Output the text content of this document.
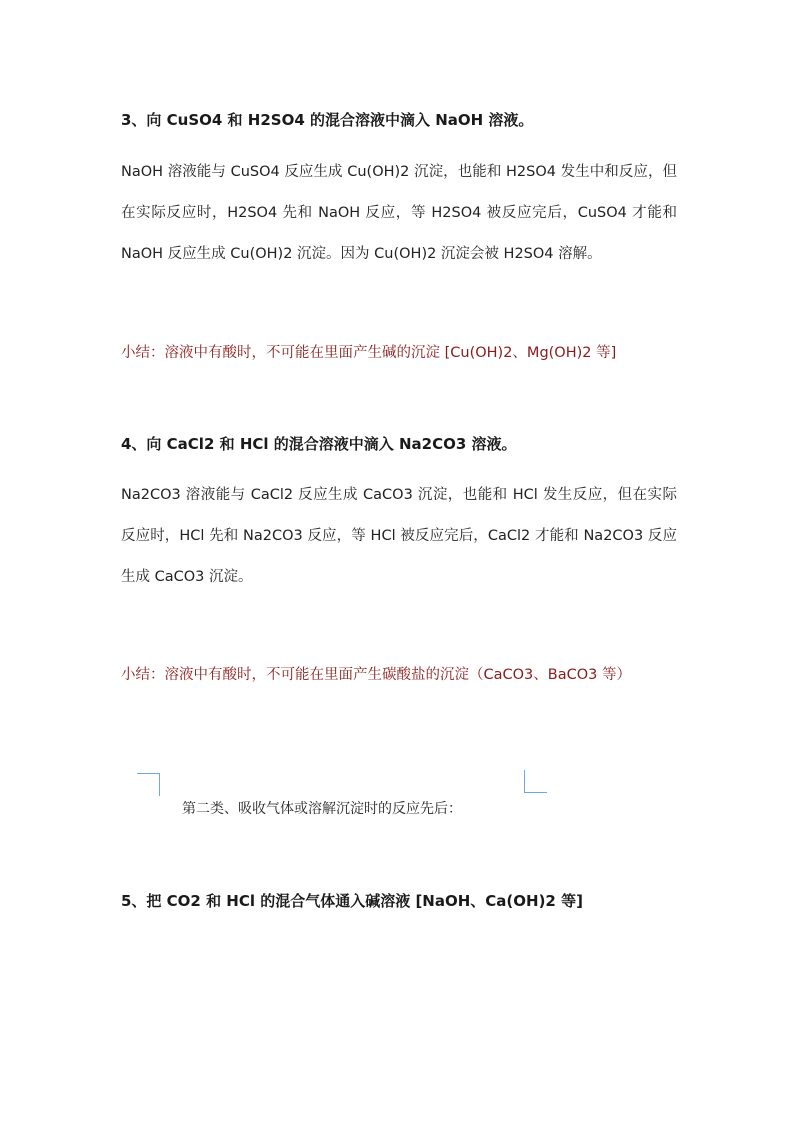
3、向 CuSO4 和 H2SO4 的混合溶液中滴入 NaOH 溶液。
NaOH 溶液能与 CuSO4 反应生成 Cu(OH)2 沉淀，也能和 H2SO4 发生中和反应，但在实际反应时，H2SO4 先和 NaOH 反应，等 H2SO4 被反应完后，CuSO4 才能和 NaOH 反应生成 Cu(OH)2 沉淀。因为 Cu(OH)2 沉淀会被 H2SO4 溶解。
小结：溶液中有酸时，不可能在里面产生碱的沉淀 [Cu(OH)2、Mg(OH)2 等]
4、向 CaCl2 和 HCl 的混合溶液中滴入 Na2CO3 溶液。
Na2CO3 溶液能与 CaCl2 反应生成 CaCO3 沉淀，也能和 HCl 发生反应，但在实际反应时，HCl 先和 Na2CO3 反应，等 HCl 被反应完后，CaCl2 才能和 Na2CO3 反应生成 CaCO3 沉淀。
小结：溶液中有酸时，不可能在里面产生碳酸盐的沉淀（CaCO3、BaCO3 等）
第二类、吸收气体或溶解沉淀时的反应先后：
5、把 CO2 和 HCl 的混合气体通入碱溶液 [NaOH、Ca(OH)2 等]
